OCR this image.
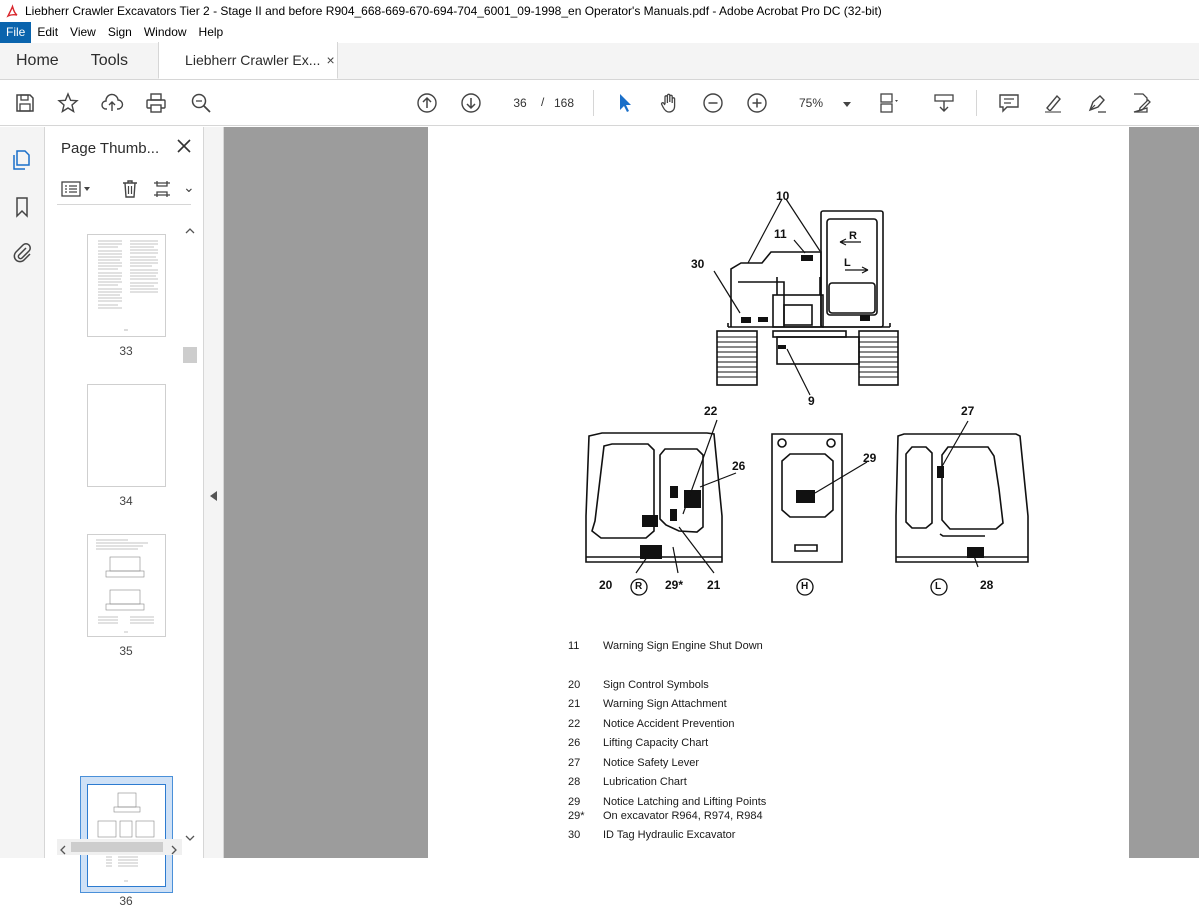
Liebherr Crawler Excavators Tier 2 - Stage II and before R904_668-669-670-694-704_6001_09-1998_en Operator's Manuals.pdf - Adobe Acrobat Pro DC (32-bit)
File	Edit	View	Sign	Window	Help
Home	Tools	Liebherr Crawler Ex... ×
36
/ 168	75%
Page Thumb...
⌄
33
34
35
36
10
11
30
9
R
L
22
26
20	29* 21
29
27
28
R	H	L
11 Warning Sign Engine Shut Down
20 Sign Control Symbols
21 Warning Sign Attachment
22 Notice Accident Prevention
26 Lifting Capacity Chart
27 Notice Safety Lever
28 Lubrication Chart
29 Notice Latching and Lifting Points
29* On excavator R964, R974, R984
30 ID Tag Hydraulic Excavator
